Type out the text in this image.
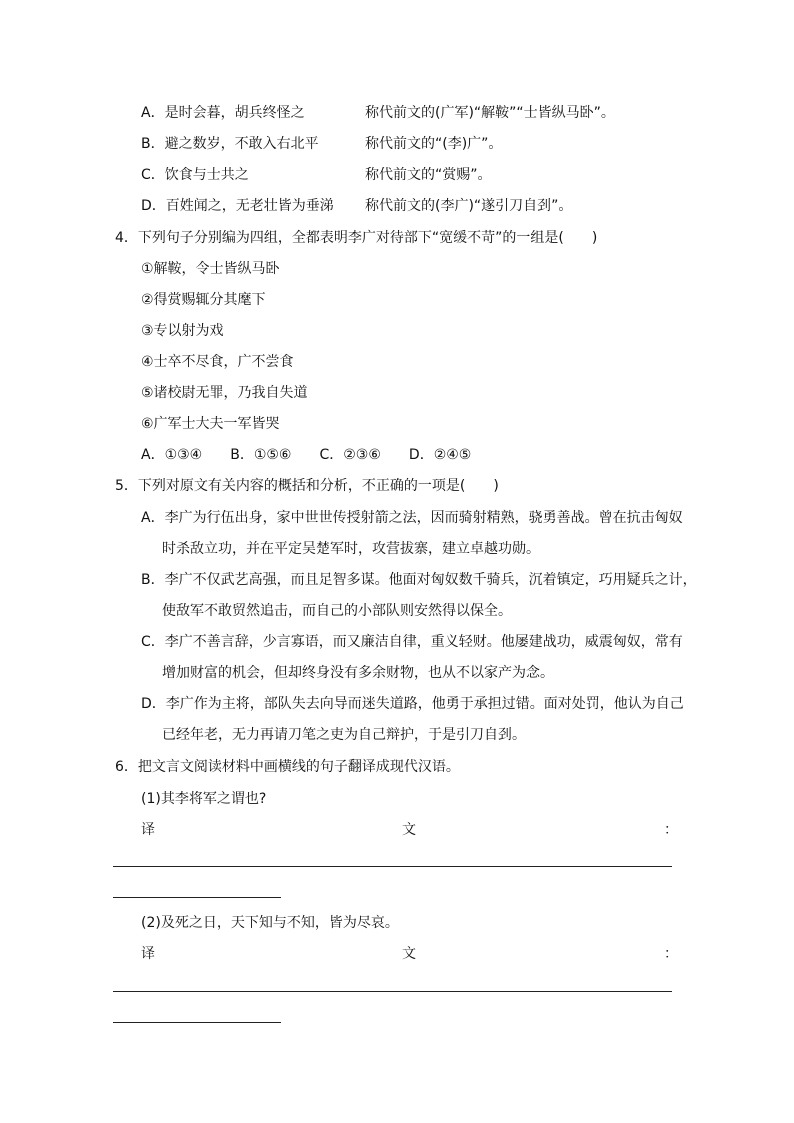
A．是时会暮，胡兵终怪之	称代前文的(广军)“解鞍”“士皆纵马卧”。
B．避之数岁，不敢入右北平	称代前文的“(李)广”。
C．饮食与士共之	称代前文的“赏赐”。
D．百姓闻之，无老壮皆为垂涕 称代前文的(李广)“遂引刀自刭”。
4．下列句子分别编为四组，全都表明李广对待部下“宽缓不苛”的一组是(　　)
①解鞍，令士皆纵马卧
②得赏赐辄分其麾下
③专以射为戏
④士卒不尽食，广不尝食
⑤诸校尉无罪，乃我自失道
⑥广军士大夫一军皆哭
A．①③④　　B．①⑤⑥　　C．②③⑥　　D．②④⑤
5．下列对原文有关内容的概括和分析，不正确的一项是(　　)
A．李广为行伍出身，家中世世传授射箭之法，因而骑射精熟，骁勇善战。曾在抗击匈奴
时杀敌立功，并在平定吴楚军时，攻营拔寨，建立卓越功勋。
B．李广不仅武艺高强，而且足智多谋。他面对匈奴数千骑兵，沉着镇定，巧用疑兵之计，
使敌军不敢贸然追击，而自己的小部队则安然得以保全。
C．李广不善言辞，少言寡语，而又廉洁自律，重义轻财。他屡建战功，威震匈奴，常有
增加财富的机会，但却终身没有多余财物，也从不以家产为念。
D．李广作为主将，部队失去向导而迷失道路，他勇于承担过错。面对处罚，他认为自己
已经年老，无力再请刀笔之吏为自己辩护，于是引刀自刭。
6．把文言文阅读材料中画横线的句子翻译成现代汉语。
(1)其李将军之谓也?
译	文	：
(2)及死之日，天下知与不知，皆为尽哀。
译	文	：
